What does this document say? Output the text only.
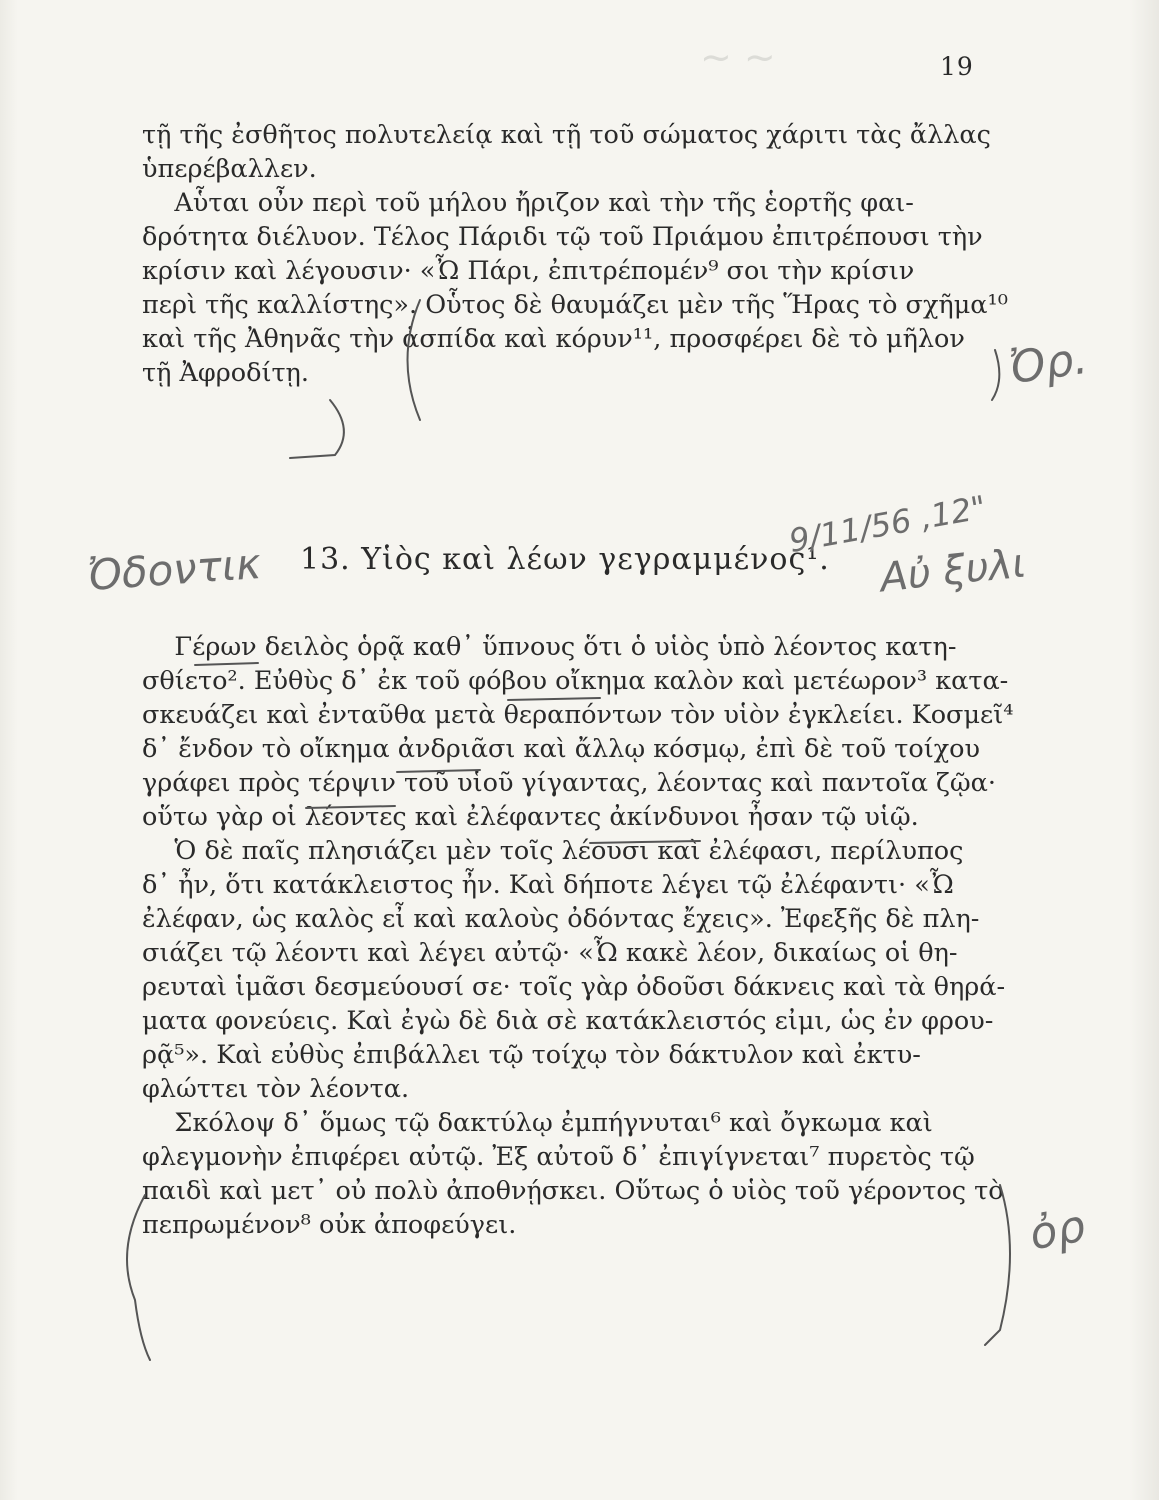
~ ~	19
τῇ τῆς ἐσθῆτος πολυτελείᾳ καὶ τῇ τοῦ σώματος χάριτι τὰς ἄλλας
ὑπερέβαλλεν.
Αὗται οὖν περὶ τοῦ μήλου ἤριζον καὶ τὴν τῆς ἑορτῆς φαι-
δρότητα διέλυον. Τέλος Πάριδι τῷ τοῦ Πριάμου ἐπιτρέπουσι τὴν
κρίσιν καὶ λέγουσιν· «Ὦ Πάρι, ἐπιτρέπομέν⁹ σοι τὴν κρίσιν
περὶ τῆς καλλίστης». Οὗτος δὲ θαυμάζει μὲν τῆς Ἥρας τὸ σχῆμα¹⁰
καὶ τῆς Ἀθηνᾶς τὴν ἀσπίδα καὶ κόρυν¹¹, προσφέρει δὲ τὸ μῆλον
τῇ Ἀφροδίτῃ.
13. Υἱὸς καὶ λέων γεγραμμένος¹.
Γέρων δειλὸς ὁρᾷ καθ᾽ ὕπνους ὅτι ὁ υἱὸς ὑπὸ λέοντος κατη-
σθίετο². Εὐθὺς δ᾽ ἐκ τοῦ φόβου οἴκημα καλὸν καὶ μετέωρον³ κατα-
σκευάζει καὶ ἐνταῦθα μετὰ θεραπόντων τὸν υἱὸν ἐγκλείει. Κοσμεῖ⁴
δ᾽ ἔνδον τὸ οἴκημα ἀνδριᾶσι καὶ ἄλλῳ κόσμῳ, ἐπὶ δὲ τοῦ τοίχου
γράφει πρὸς τέρψιν τοῦ υἱοῦ γίγαντας, λέοντας καὶ παντοῖα ζῷα·
οὕτω γὰρ οἱ λέοντες καὶ ἐλέφαντες ἀκίνδυνοι ἦσαν τῷ υἱῷ.
Ὁ δὲ παῖς πλησιάζει μὲν τοῖς λέουσι καὶ ἐλέφασι, περίλυπος
δ᾽ ἦν, ὅτι κατάκλειστος ἦν. Καὶ δήποτε λέγει τῷ ἐλέφαντι· «Ὦ
ἐλέφαν, ὡς καλὸς εἶ καὶ καλοὺς ὀδόντας ἔχεις». Ἐφεξῆς δὲ πλη-
σιάζει τῷ λέοντι καὶ λέγει αὐτῷ· «Ὦ κακὲ λέον, δικαίως οἱ θη-
ρευταὶ ἱμᾶσι δεσμεύουσί σε· τοῖς γὰρ ὀδοῦσι δάκνεις καὶ τὰ θηρά-
ματα φονεύεις. Καὶ ἐγὼ δὲ διὰ σὲ κατάκλειστός εἰμι, ὡς ἐν φρου-
ρᾷ⁵». Καὶ εὐθὺς ἐπιβάλλει τῷ τοίχῳ τὸν δάκτυλον καὶ ἐκτυ-
φλώττει τὸν λέοντα.
Σκόλοψ δ᾽ ὅμως τῷ δακτύλῳ ἐμπήγνυται⁶ καὶ ὄγκωμα καὶ
φλεγμονὴν ἐπιφέρει αὐτῷ. Ἐξ αὐτοῦ δ᾽ ἐπιγίγνεται⁷ πυρετὸς τῷ
παιδὶ καὶ μετ᾽ οὐ πολὺ ἀποθνῄσκει. Οὕτως ὁ υἱὸς τοῦ γέροντος τὸ
πεπρωμένον⁸ οὐκ ἀποφεύγει.
Ὀδοντικ
9/11/56 ,12"
Αὐ ξυλι
Ὀρ.
ὀρ
